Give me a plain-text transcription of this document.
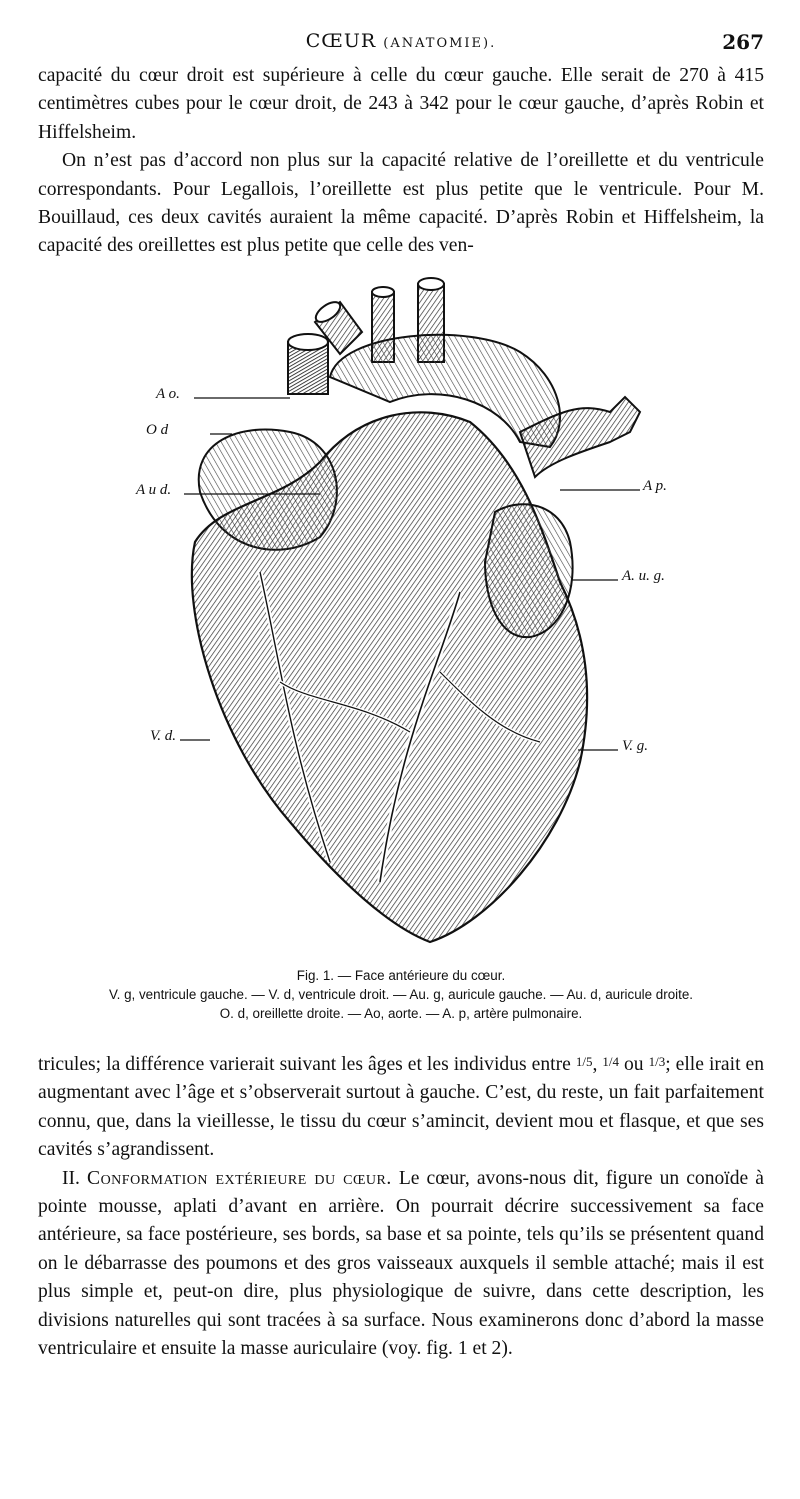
CŒUR (ANATOMIE).	267

capacité du cœur droit est supérieure à celle du cœur gauche. Elle serait de 270 à 415 centimètres cubes pour le cœur droit, de 243 à 342 pour le cœur gauche, d’après Robin et Hiffelsheim.

On n’est pas d’accord non plus sur la capacité relative de l’oreillette et du ventricule correspondants. Pour Legallois, l’oreillette est plus petite que le ventricule. Pour M. Bouillaud, ces deux cavités auraient la même capacité. D’après Robin et Hiffelsheim, la capacité des oreillettes est plus petite que celle des ven-

A o.
O d
A u d.
V. d.
A p.
A. u. g.
V. g.
Fig. 1. — Face antérieure du cœur.
V. g, ventricule gauche. — V. d, ventricule droit. — Au. g, auricule gauche. — Au. d, auricule droite.
O. d, oreillette droite. — Ao, aorte. — A. p, artère pulmonaire.

tricules; la différence varierait suivant les âges et les individus entre $^{1/5}$, $^{1/4}$ ou $^{1/3}$; elle irait en augmentant avec l’âge et s’observerait surtout à gauche. C’est, du reste, un fait parfaitement connu, que, dans la vieillesse, le tissu du cœur s’amincit, devient mou et flasque, et que ses cavités s’agrandissent.

II. Conformation extérieure du cœur. Le cœur, avons-nous dit, figure un conoïde à pointe mousse, aplati d’avant en arrière. On pourrait décrire successivement sa face antérieure, sa face postérieure, ses bords, sa base et sa pointe, tels qu’ils se présentent quand on le débarrasse des poumons et des gros vaisseaux auxquels il semble attaché; mais il est plus simple et, peut-on dire, plus physiologique de suivre, dans cette description, les divisions naturelles qui sont tracées à sa surface. Nous examinerons donc d’abord la masse ventriculaire et ensuite la masse auriculaire (voy. fig. 1 et 2).
